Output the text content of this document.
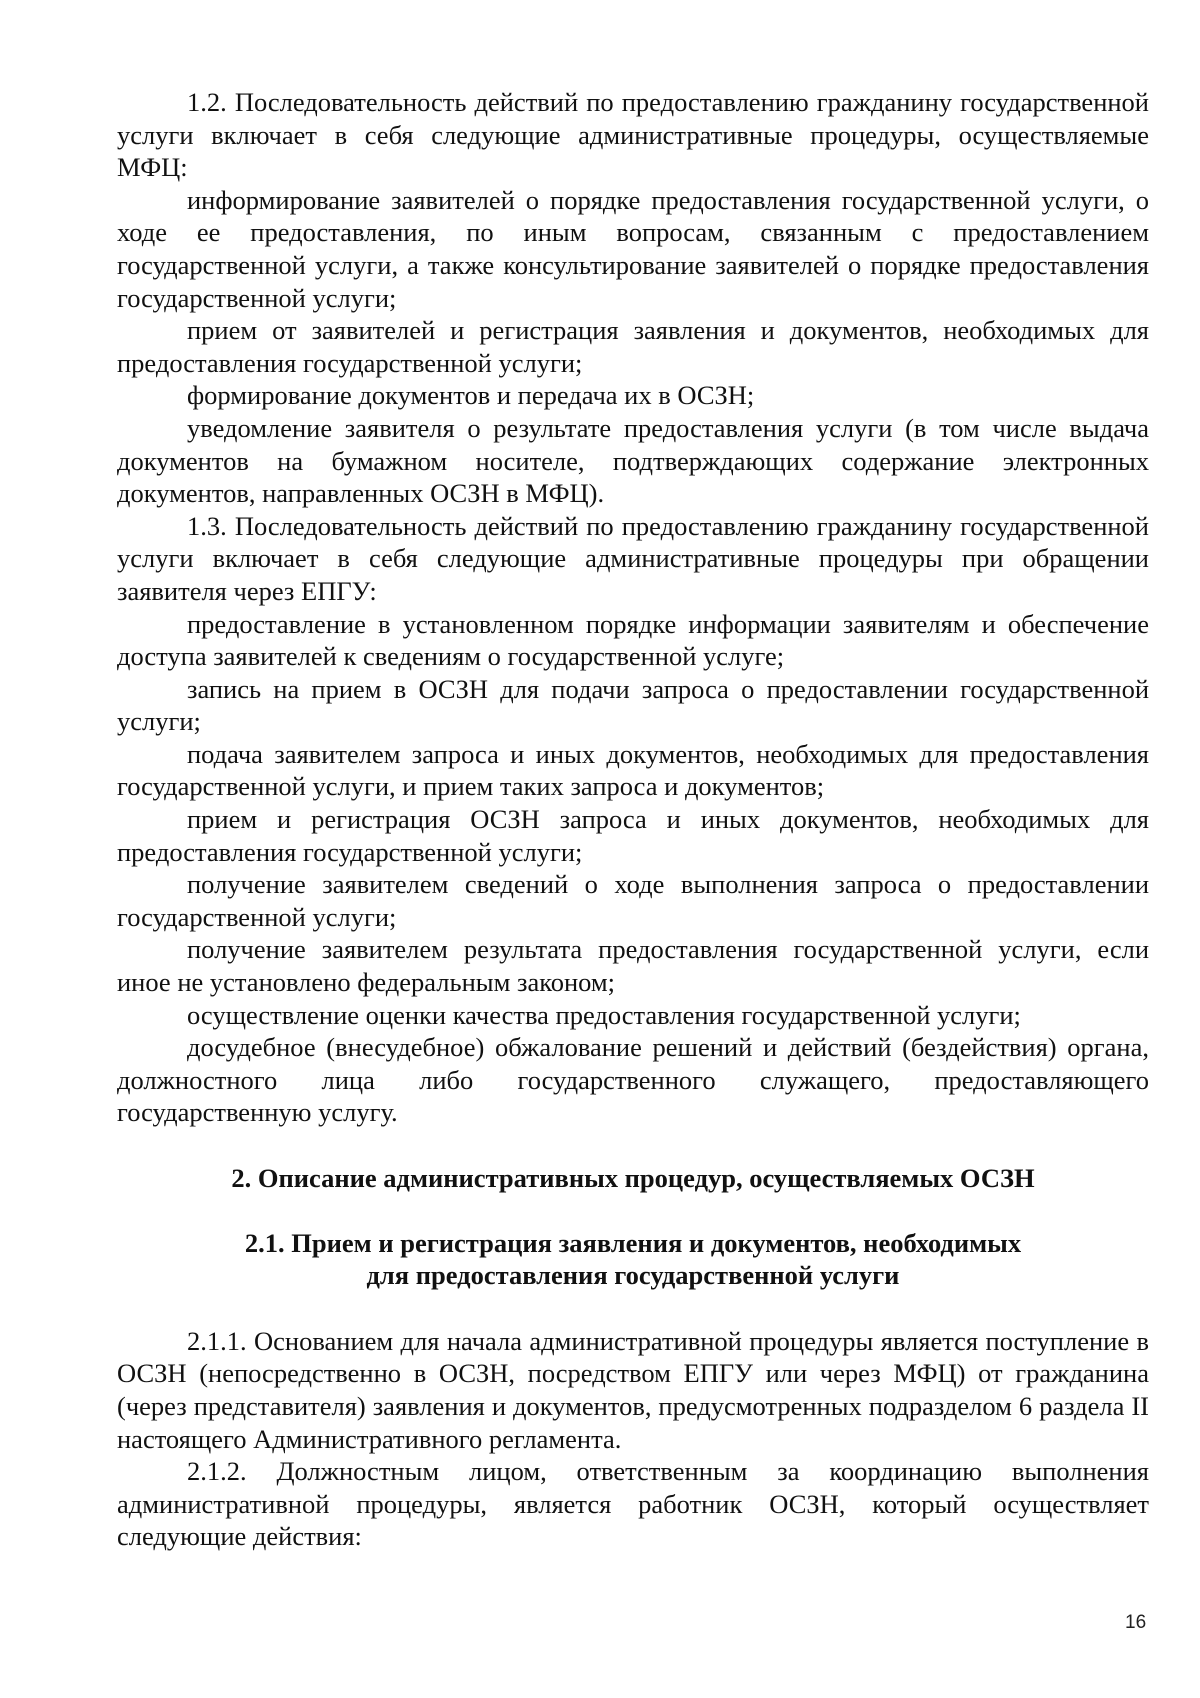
1.2. Последовательность действий по предоставлению гражданину государственной услуги включает в себя следующие административные процедуры, осуществляемые МФЦ:

информирование заявителей о порядке предоставления государственной услуги, о ходе ее предоставления, по иным вопросам, связанным с предоставлением государственной услуги, а также консультирование заявителей о порядке предоставления государственной услуги;

прием от заявителей и регистрация заявления и документов, необходимых для предоставления государственной услуги;

формирование документов и передача их в ОСЗН;

уведомление заявителя о результате предоставления услуги (в том числе выдача документов на бумажном носителе, подтверждающих содержание электронных документов, направленных ОСЗН в МФЦ).

1.3. Последовательность действий по предоставлению гражданину государственной услуги включает в себя следующие административные процедуры при обращении заявителя через ЕПГУ:

предоставление в установленном порядке информации заявителям и обеспечение доступа заявителей к сведениям о государственной услуге;

запись на прием в ОСЗН для подачи запроса о предоставлении государственной услуги;

подача заявителем запроса и иных документов, необходимых для предоставления государственной услуги, и прием таких запроса и документов;

прием и регистрация ОСЗН запроса и иных документов, необходимых для предоставления государственной услуги;

получение заявителем сведений о ходе выполнения запроса о предоставлении государственной услуги;

получение заявителем результата предоставления государственной услуги, если иное не установлено федеральным законом;

осуществление оценки качества предоставления государственной услуги;

досудебное (внесудебное) обжалование решений и действий (бездействия) органа, должностного лица либо государственного служащего, предоставляющего государственную услугу.

2. Описание административных процедур, осуществляемых ОСЗН

2.1. Прием и регистрация заявления и документов, необходимых

для предоставления государственной услуги

2.1.1. Основанием для начала административной процедуры является поступление в ОСЗН (непосредственно в ОСЗН, посредством ЕПГУ или через МФЦ) от гражданина (через представителя) заявления и документов, предусмотренных подразделом 6 раздела II настоящего Административного регламента.

2.1.2. Должностным лицом, ответственным за координацию выполнения административной процедуры, является работник ОСЗН, который осуществляет следующие действия:

16
